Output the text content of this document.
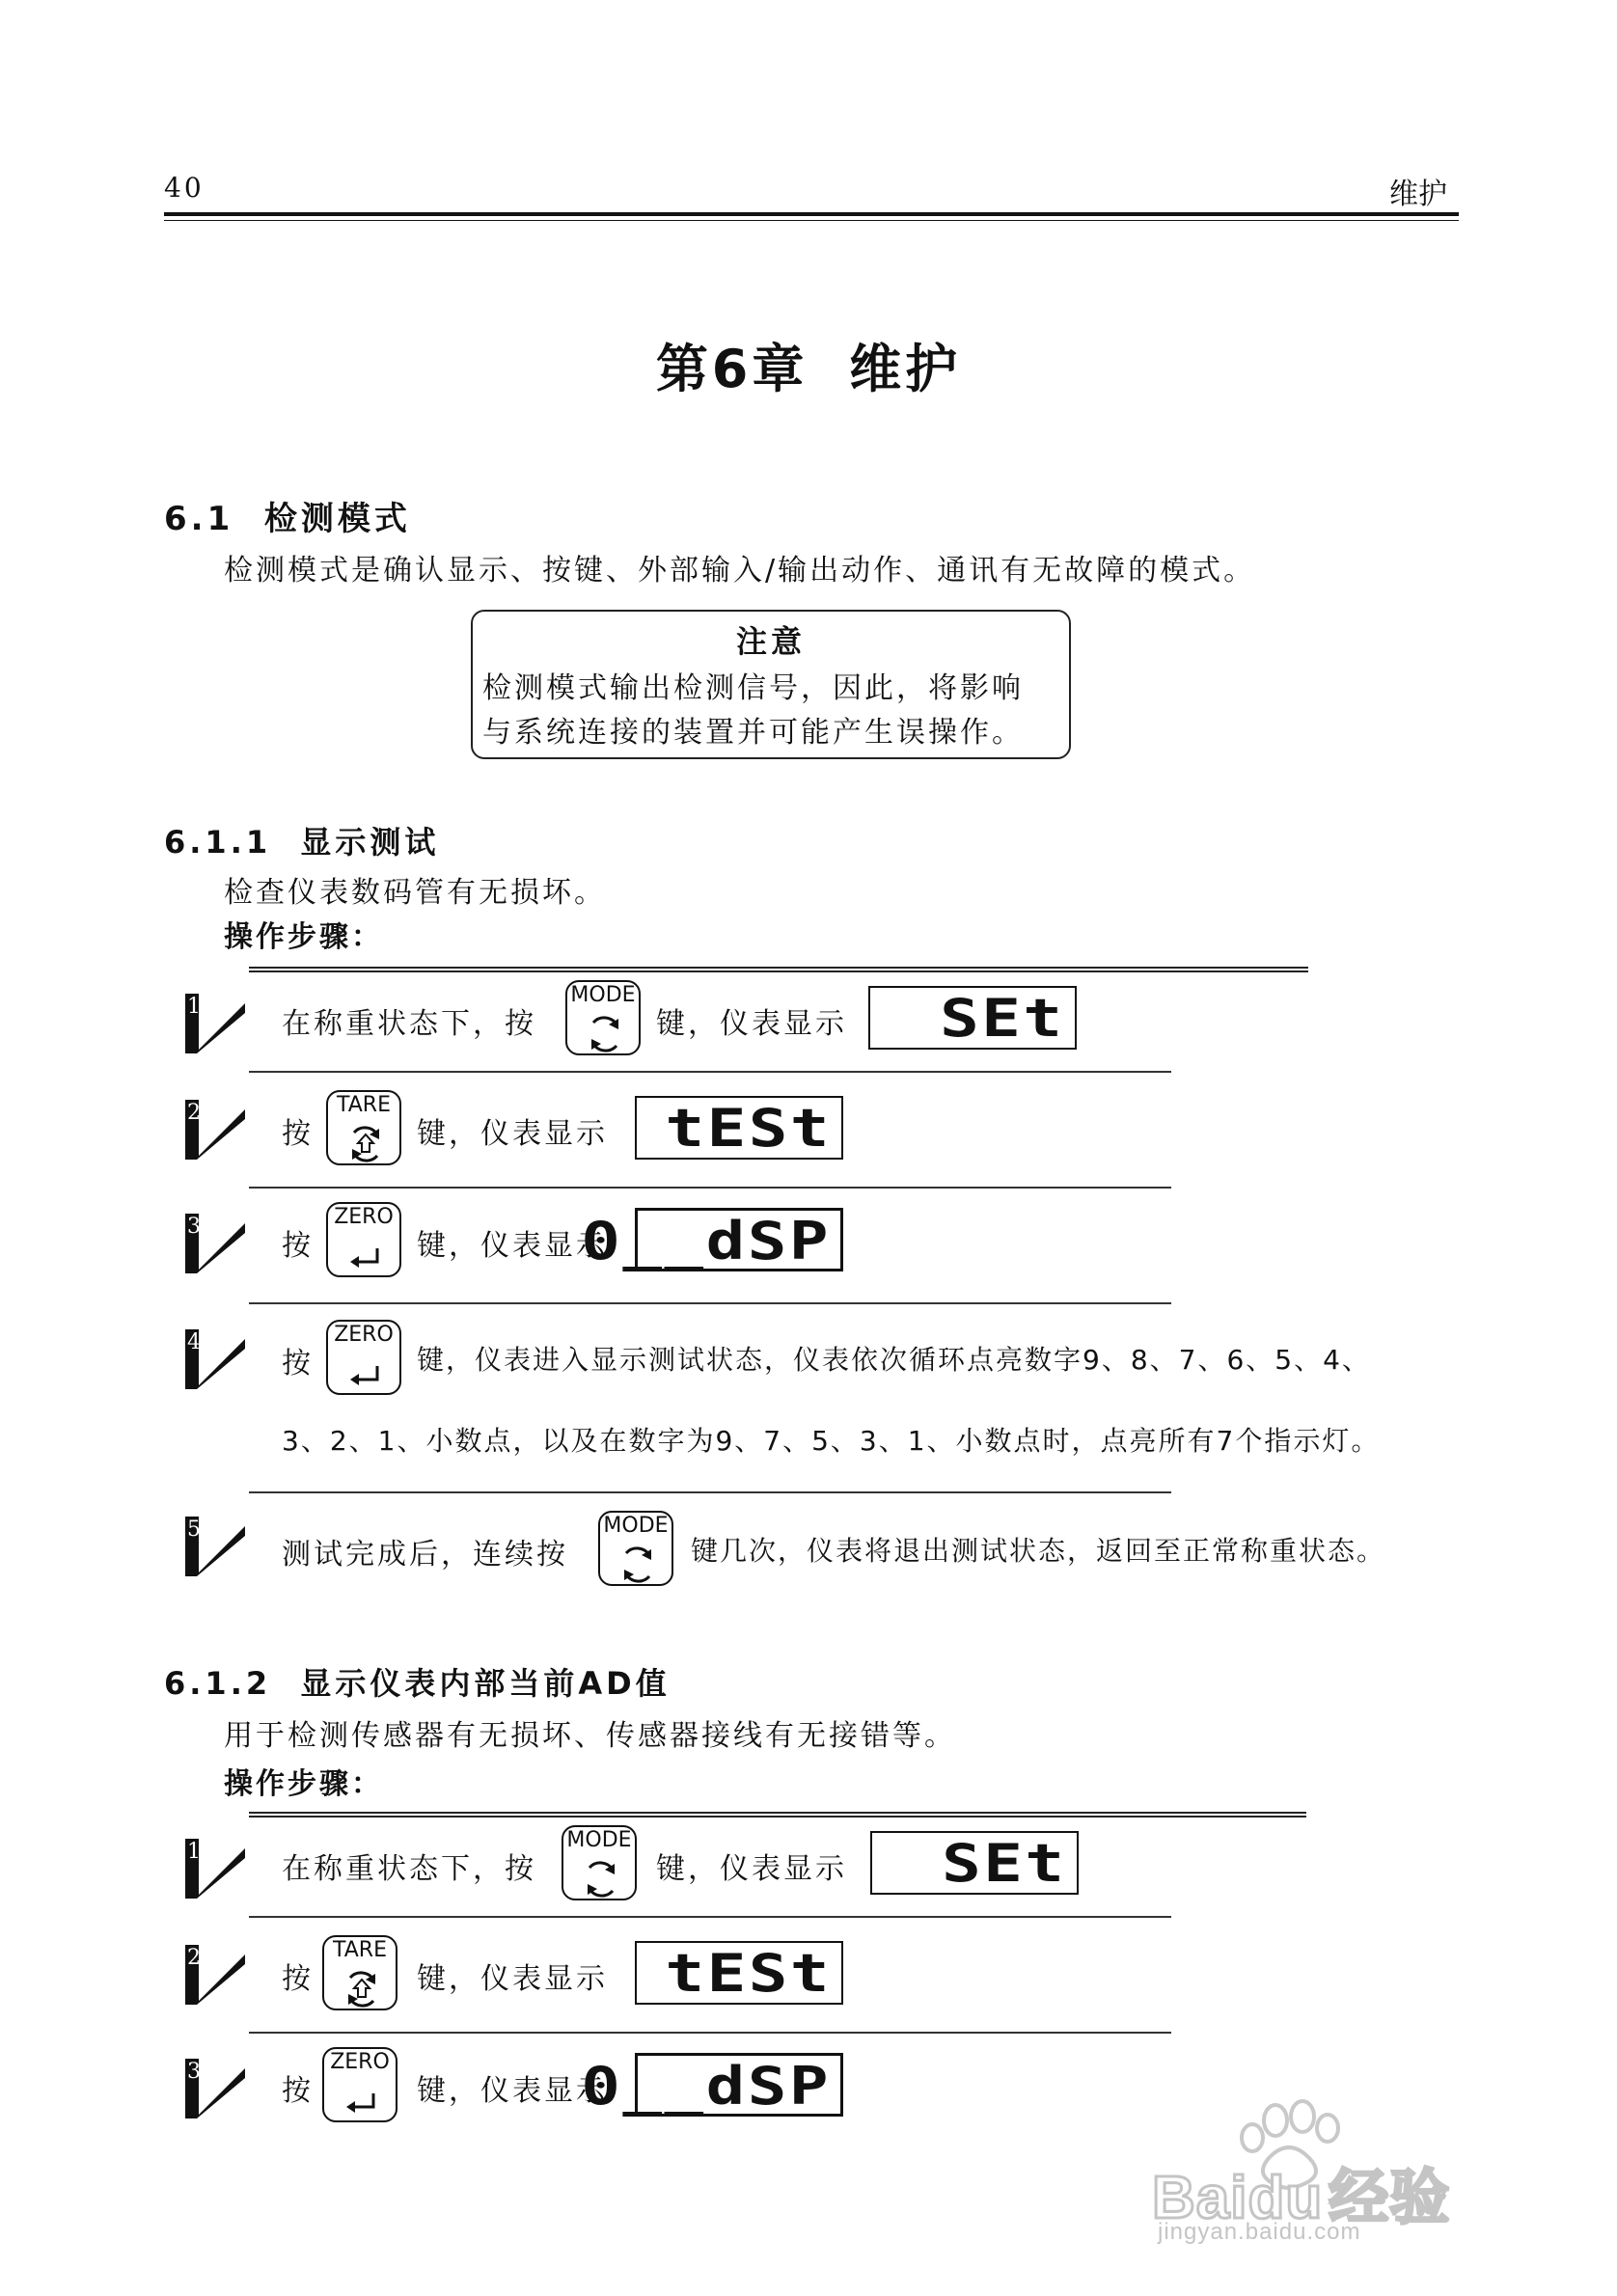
40	维护
第6章 维护
6.1 检测模式
检测模式是确认显示、按键、外部输入/输出动作、通讯有无故障的模式。
注意
检测模式输出检测信号，因此，将影响
与系统连接的装置并可能产生误操作。
6.1.1 显示测试
检查仪表数码管有无损坏。
操作步骤：
1
在称重状态下，按
MODE
键，仪表显示 SEt
2
按
TARE
键，仪表显示 tESt
3
按
ZERO
键，仪表显示
0__dSP
4
按
ZERO
键，仪表进入显示测试状态，仪表依次循环点亮数字9、8、7、6、5、4、
3、2、1、小数点，以及在数字为9、7、5、3、1、小数点时，点亮所有7个指示灯。
5
测试完成后，连续按
MODE
键几次，仪表将退出测试状态，返回至正常称重状态。
6.1.2 显示仪表内部当前AD值
用于检测传感器有无损坏、传感器接线有无接错等。
操作步骤：
1
在称重状态下，按
MODE
键，仪表显示 SEt
2
按
TARE
键，仪表显示 tESt
3
按
ZERO
键，仪表显示
0__dSP
Baidu经验
jingyan.baidu.com
